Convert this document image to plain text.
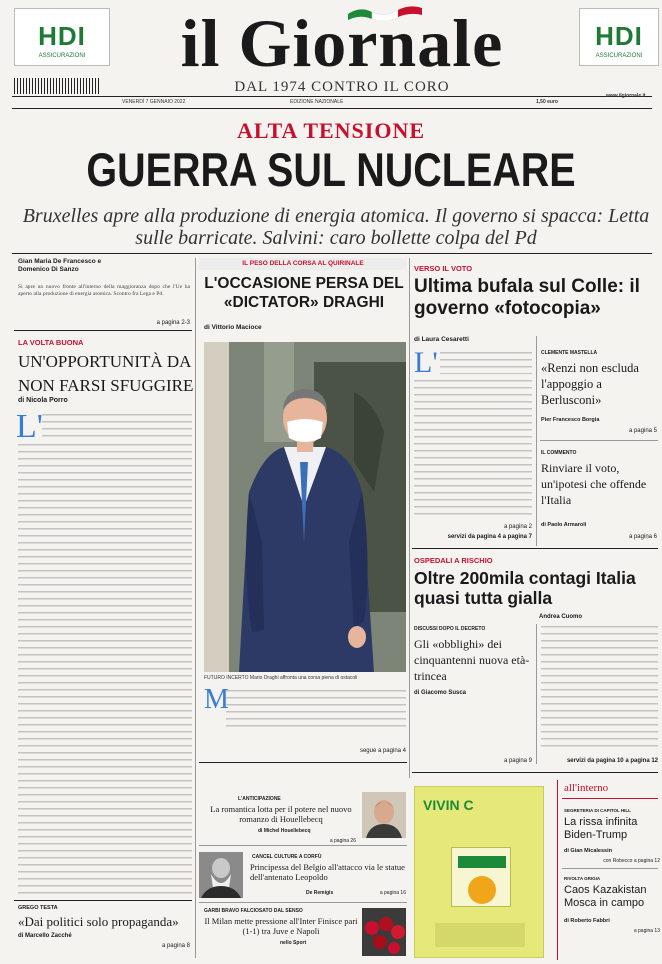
HDI
ASSICURAZIONI
HDI
ASSICURAZIONI
il Giornale
DAL 1974 CONTRO IL CORO
VENERDÌ 7 GENNAIO 2022	EDIZIONE NAZIONALE	1,50 euro
www.ilgiornale.it
ALTA TENSIONE
GUERRA SUL NUCLEARE
Bruxelles apre alla produzione di energia atomica. Il governo si spacca: Letta sulle barricate. Salvini: caro bollette colpa del Pd
Gian Maria De Francesco e Domenico Di Sanzo
Si apre un nuovo fronte all'interno della maggioranza dopo che l'Ue ha aperto alla produzione di energia atomica. Scontro fra Lega e Pd.
a pagina 2-3
LA VOLTA BUONA
UN'OPPORTUNITÀ DA NON FARSI SFUGGIRE
di Nicola Porro
L'
GREGO TESTA
«Dai politici solo propaganda»
di Marcello Zacché
a pagina 8
IL PESO DELLA CORSA AL QUIRINALE
L'OCCASIONE PERSA DEL «DICTATOR» DRAGHI
di Vittorio Macioce
FUTURO INCERTO Mario Draghi affronta una corsa piena di ostacoli
M
segue a pagina 4
VERSO IL VOTO
Ultima bufala sul Colle: il governo «fotocopia»
di Laura Cesaretti
L'
a pagina 2
servizi da pagina 4 a pagina 7
CLEMENTE MASTELLA
«Renzi non escluda l'appoggio a Berlusconi»
Pier Francesco Borgia
a pagina 5
IL COMMENTO
Rinviare il voto, un'ipotesi che offende l'Italia
di Paolo Armaroli
a pagina 6
OSPEDALI A RISCHIO
Oltre 200mila contagi Italia quasi tutta gialla
Andrea Cuomo
DISCUSSI DOPO IL DECRETO
Gli «obblighi» dei cinquantenni nuova età-trincea
di Giacomo Susca
a pagina 9	servizi da pagina 10 a pagina 12
L'ANTICIPAZIONE
La romantica lotta per il potere nel nuovo romanzo di Houellebecq
di Michel Houellebecq
a pagina 26
CANCEL CULTURE A CORFÙ
Principessa del Belgio all'attacco via le statue dell'antenato Leopoldo
De Remigis	a pagina 16
GARBI BRAVO FALCIOSATO DAL SENSO
Il Milan mette pressione all'Inter Finisce pari (1-1) tra Juve e Napoli
nello Sport
VIVIN C
all'interno
SEGRETERIA DI CAPITOL HILL
La rissa infinita Biden-Trump
di Gian Micalessin
con Robecco a pagina 12
RIVOLTA GRIGIA
Caos Kazakistan Mosca in campo
di Roberto Fabbri
a pagina 13
